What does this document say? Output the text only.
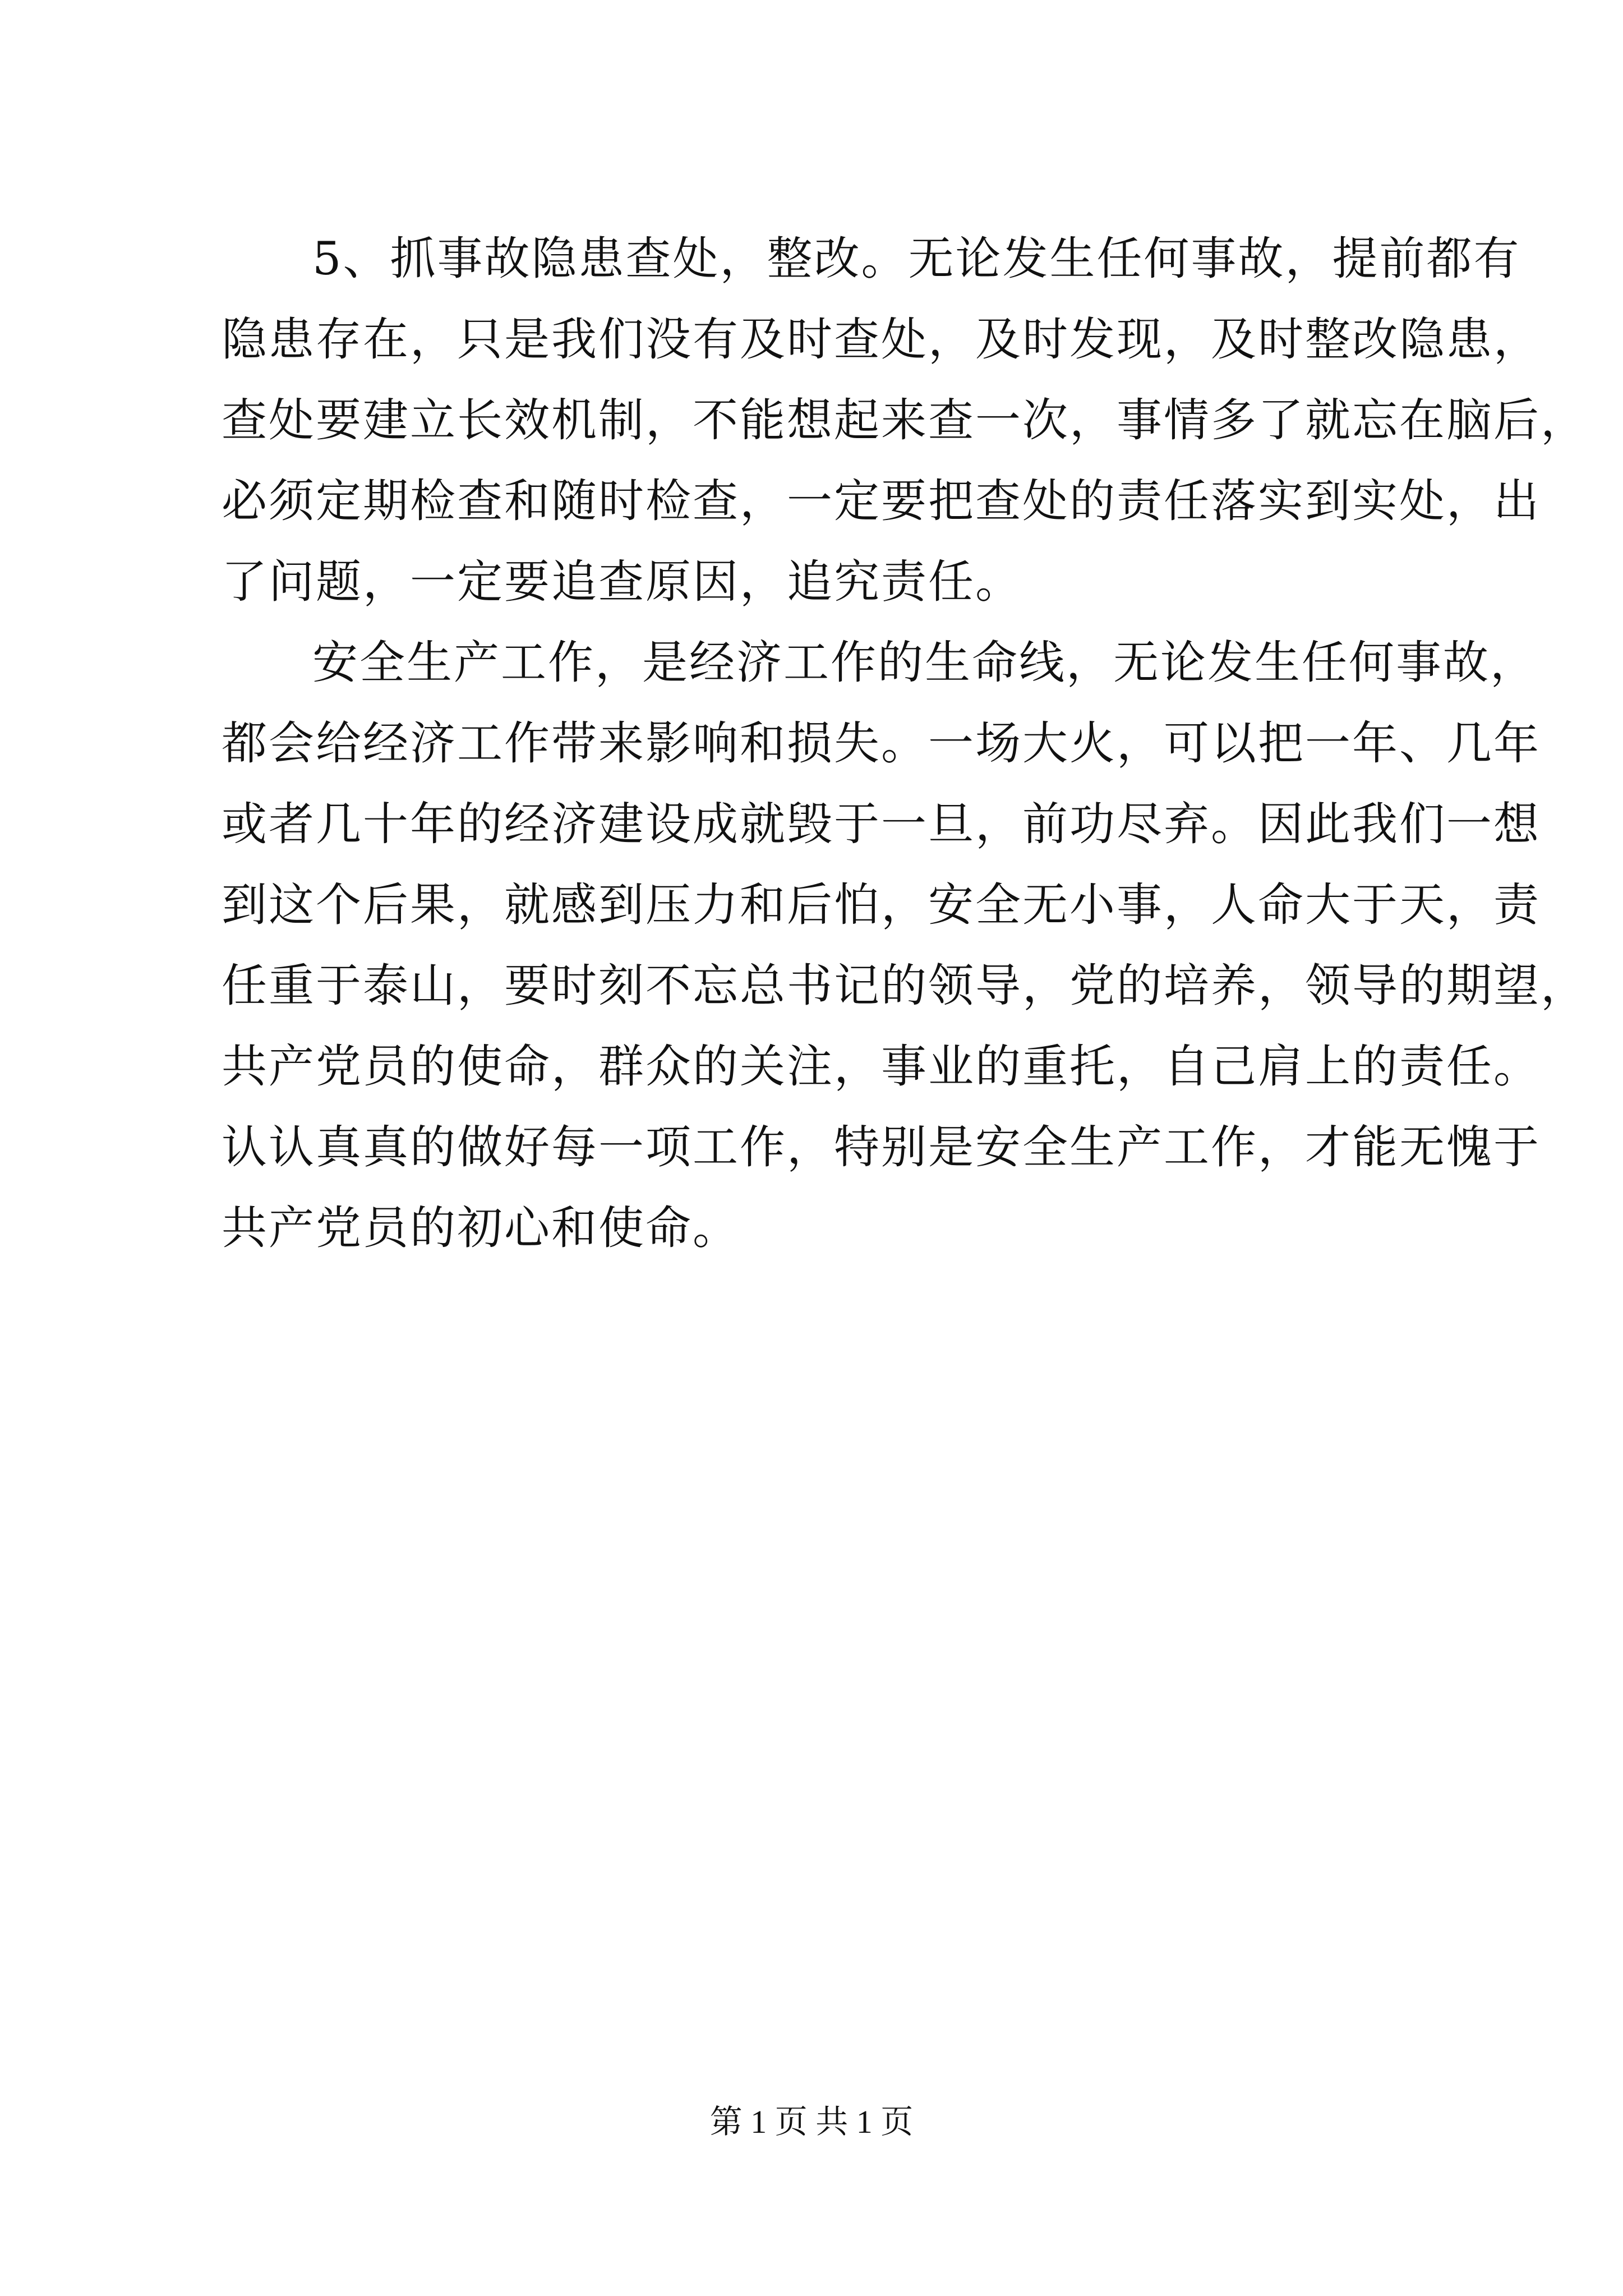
5、抓事故隐患查处，整改。无论发生任何事故，提前都有
隐患存在，只是我们没有及时查处，及时发现，及时整改隐患，
查处要建立长效机制，不能想起来查一次，事情多了就忘在脑后，
必须定期检查和随时检查，一定要把查处的责任落实到实处，出
了问题，一定要追查原因，追究责任。
安全生产工作，是经济工作的生命线，无论发生任何事故，
都会给经济工作带来影响和损失。一场大火，可以把一年、几年
或者几十年的经济建设成就毁于一旦，前功尽弃。因此我们一想
到这个后果，就感到压力和后怕，安全无小事，人命大于天，责
任重于泰山，要时刻不忘总书记的领导，党的培养，领导的期望，
共产党员的使命，群众的关注，事业的重托，自己肩上的责任。
认认真真的做好每一项工作，特别是安全生产工作，才能无愧于
共产党员的初心和使命。
第 1 页 共 1 页
